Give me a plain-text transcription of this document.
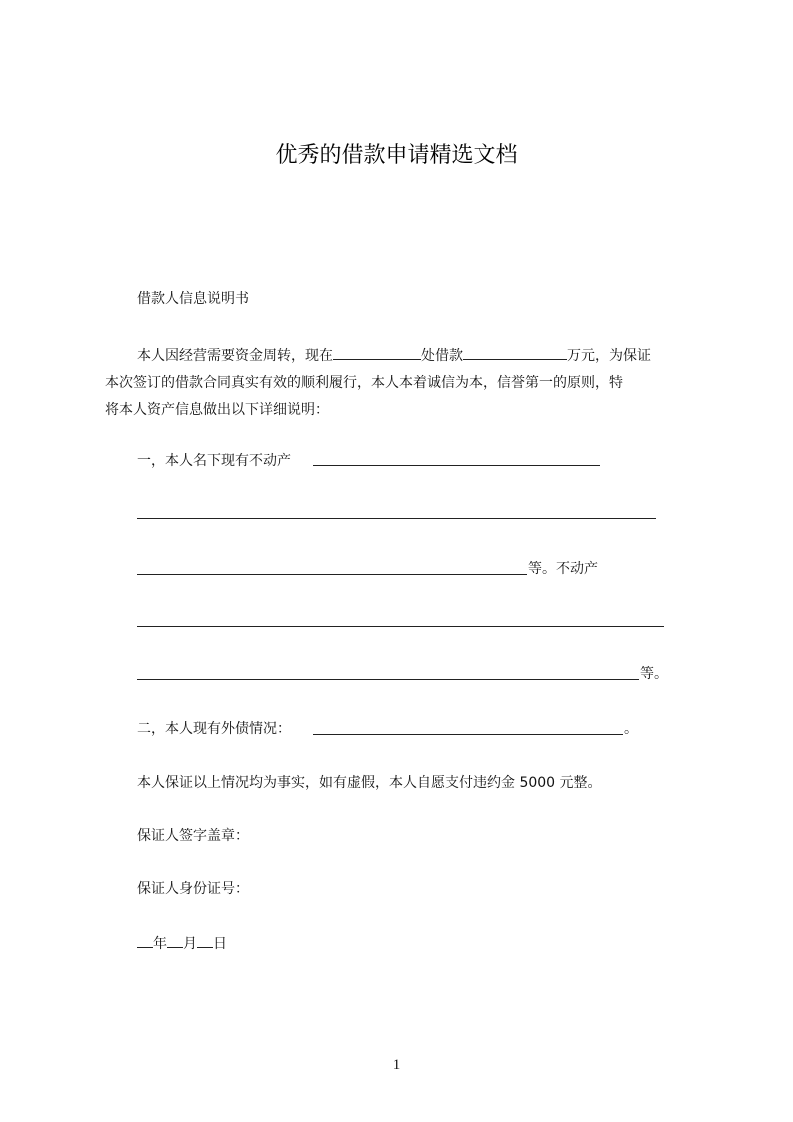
优秀的借款申请精选文档
借款人信息说明书
本人因经营需要资金周转，现在	处借款	万元，为保证
本次签订的借款合同真实有效的顺利履行，本人本着诚信为本，信誉第一的原则，特
将本人资产信息做出以下详细说明：
一，本人名下现有不动产
等。不动产
等。
二，本人现有外债情况：	。
本人保证以上情况均为事实，如有虚假，本人自愿支付违约金 5000 元整。
保证人签字盖章：
保证人身份证号：
年 月 日
1
